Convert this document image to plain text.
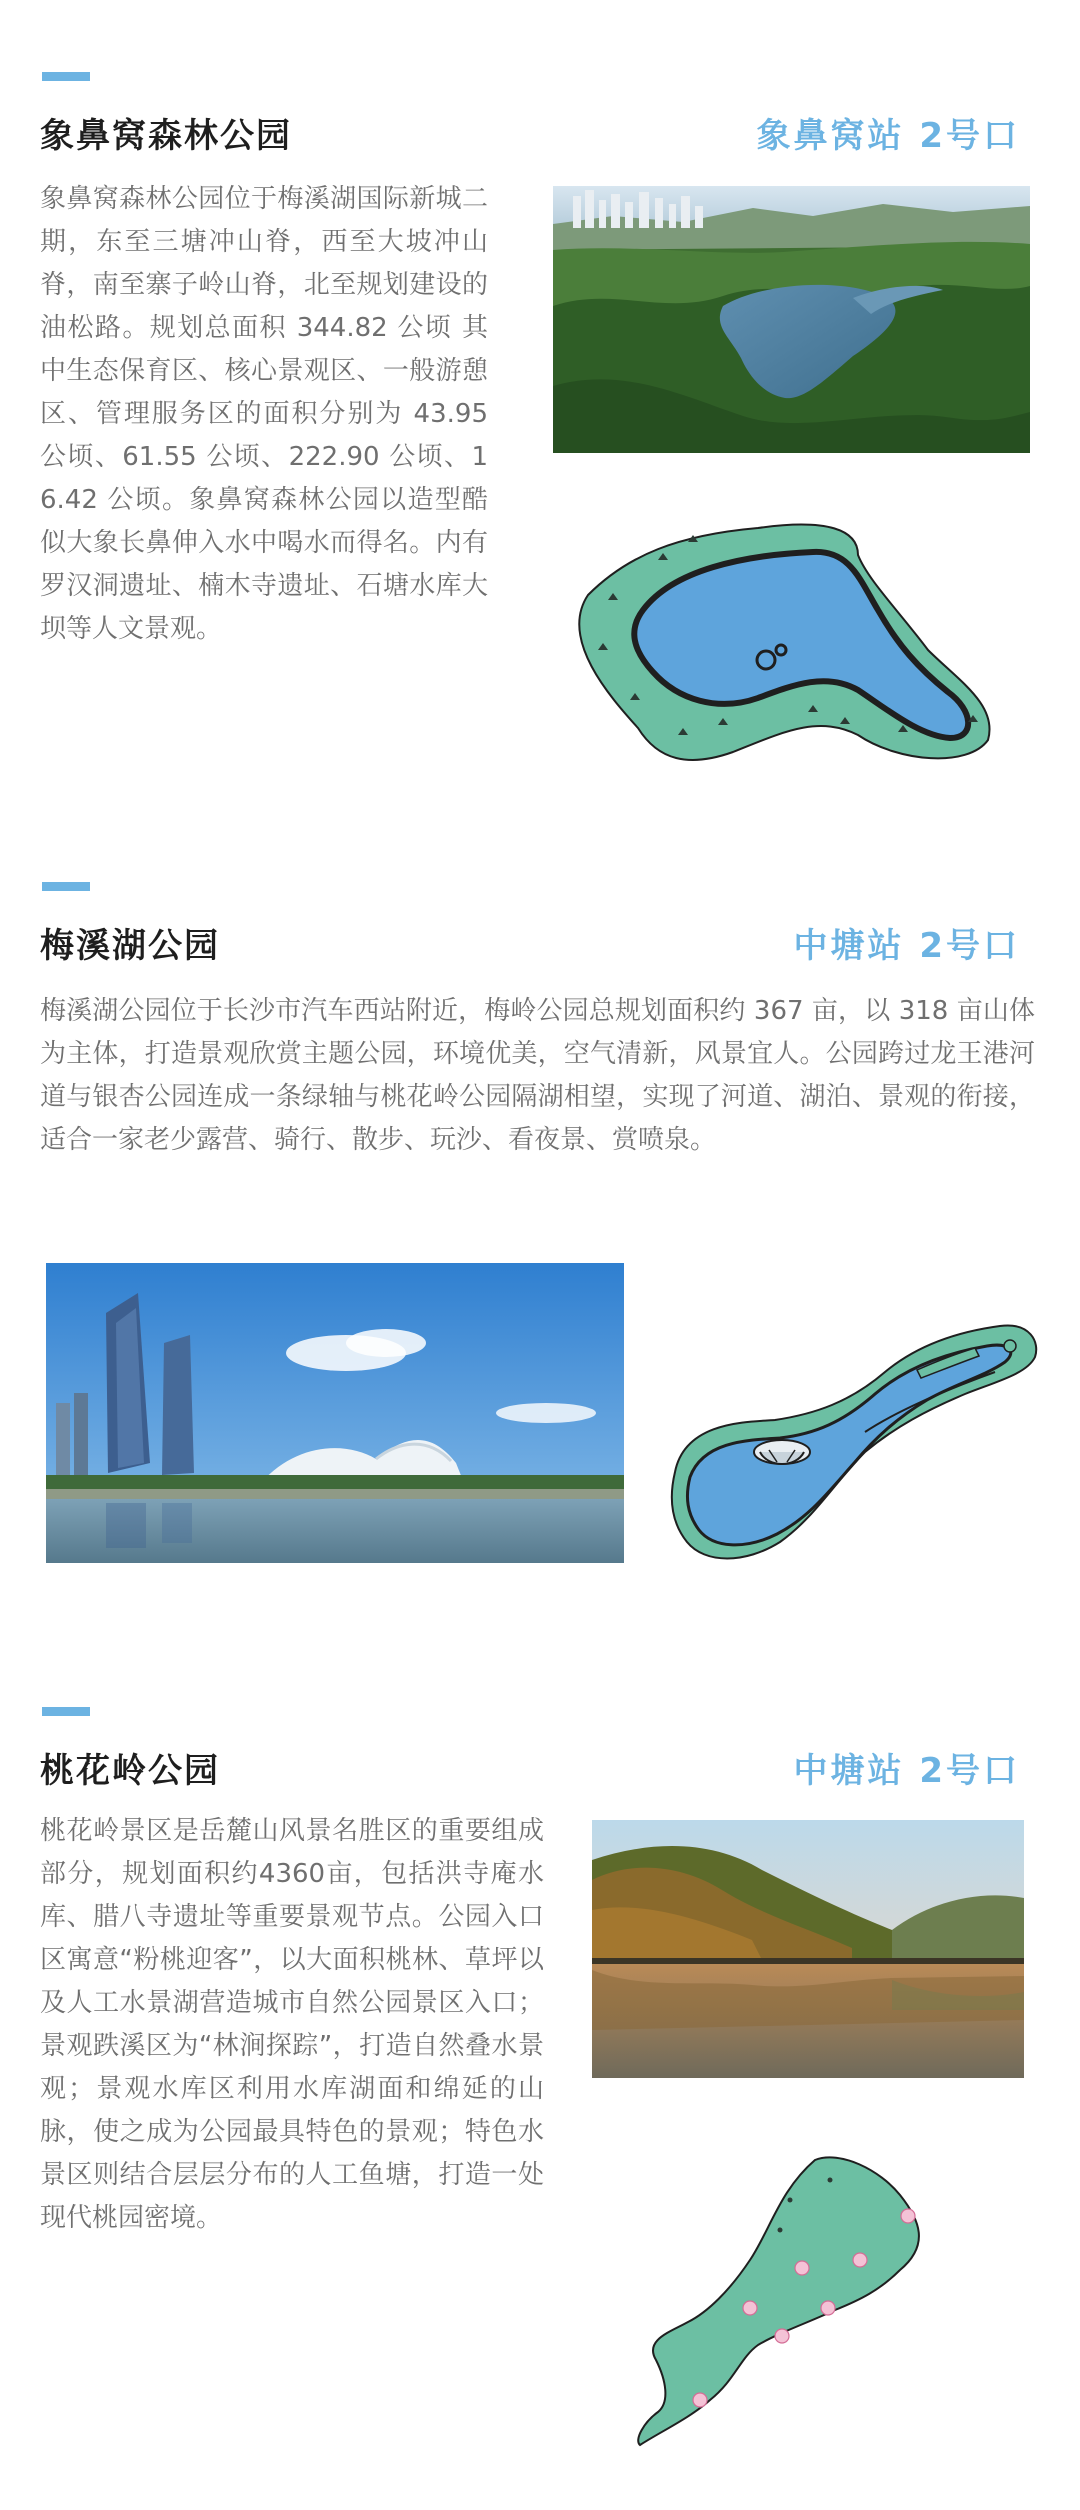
象鼻窝森林公园	象鼻窝站 2号口

象鼻窝森林公园位于梅溪湖国际新城二期，东至三塘冲山脊，西至大坡冲山脊，南至寨子岭山脊，北至规划建设的油松路。规划总面积 344.82 公顷 其中生态保育区、核心景观区、一般游憩区、管理服务区的面积分别为 43.95 公顷、61.55 公顷、222.90 公顷、16.42 公顷。象鼻窝森林公园以造型酷似大象长鼻伸入水中喝水而得名。内有罗汉洞遗址、楠木寺遗址、石塘水库大坝等人文景观。

梅溪湖公园	中塘站 2号口

梅溪湖公园位于长沙市汽车西站附近，梅岭公园总规划面积约 367 亩，以 318 亩山体为主体，打造景观欣赏主题公园，环境优美，空气清新，风景宜人。公园跨过龙王港河道与银杏公园连成一条绿轴与桃花岭公园隔湖相望，实现了河道、湖泊、景观的衔接，适合一家老少露营、骑行、散步、玩沙、看夜景、赏喷泉。

桃花岭公园	中塘站 2号口

桃花岭景区是岳麓山风景名胜区的重要组成部分，规划面积约4360亩，包括洪寺庵水库、腊八寺遗址等重要景观节点。公园入口区寓意“粉桃迎客”，以大面积桃林、草坪以及人工水景湖营造城市自然公园景区入口；景观跌溪区为“林涧探踪”，打造自然叠水景观；景观水库区利用水库湖面和绵延的山脉，使之成为公园最具特色的景观；特色水景区则结合层层分布的人工鱼塘，打造一处现代桃园密境。
